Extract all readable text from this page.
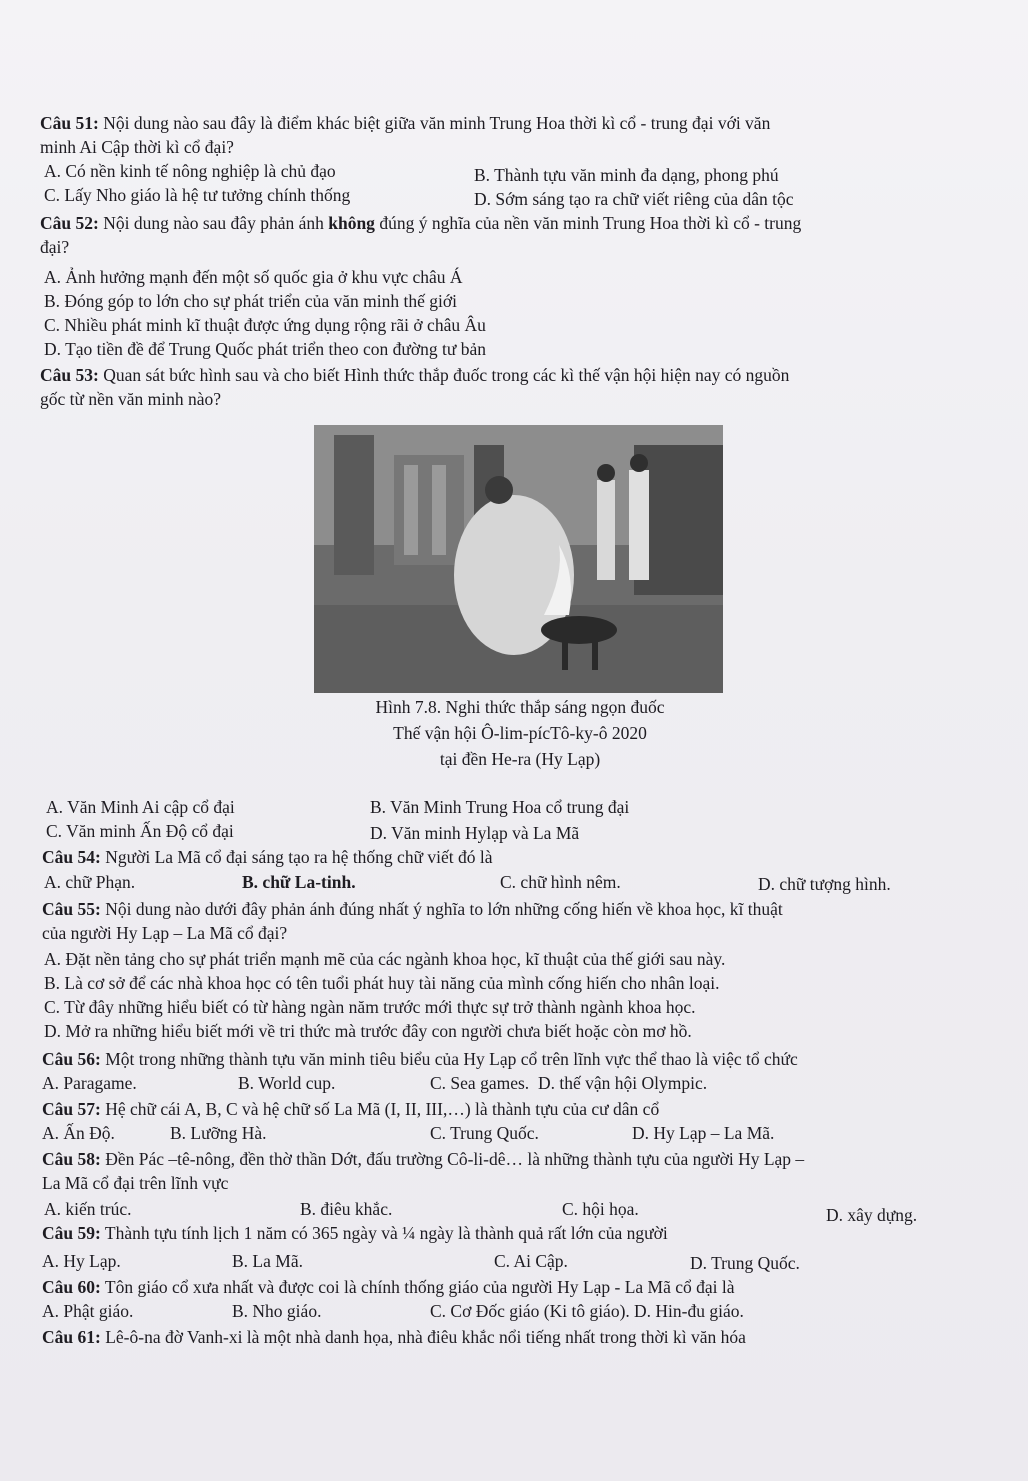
Câu 51: Nội dung nào sau đây là điểm khác biệt giữa văn minh Trung Hoa thời kì cổ - trung đại với văn
minh Ai Cập thời kì cổ đại?
A. Có nền kinh tế nông nghiệp là chủ đạo	B. Thành tựu văn minh đa dạng, phong phú
C. Lấy Nho giáo là hệ tư tưởng chính thống	D. Sớm sáng tạo ra chữ viết riêng của dân tộc
Câu 52: Nội dung nào sau đây phản ánh không đúng ý nghĩa của nền văn minh Trung Hoa thời kì cổ - trung
đại?
A. Ảnh hưởng mạnh đến một số quốc gia ở khu vực châu Á
B. Đóng góp to lớn cho sự phát triển của văn minh thế giới
C. Nhiều phát minh kĩ thuật được ứng dụng rộng rãi ở châu Âu
D. Tạo tiền đề để Trung Quốc phát triển theo con đường tư bản
Câu 53: Quan sát bức hình sau và cho biết Hình thức thắp đuốc trong các kì thế vận hội hiện nay có nguồn
gốc từ nền văn minh nào?
Hình 7.8. Nghi thức thắp sáng ngọn đuốc
Thế vận hội Ô-lim-pícTô-ky-ô 2020
tại đền He-ra (Hy Lạp)
A. Văn Minh Ai cập cổ đại	B. Văn Minh Trung Hoa cổ trung đại
C. Văn minh Ấn Độ cổ đại	D. Văn minh Hylạp và La Mã
Câu 54: Người La Mã cổ đại sáng tạo ra hệ thống chữ viết đó là
A. chữ Phạn.	B. chữ La-tinh.	C. chữ hình nêm.	D. chữ tượng hình.
Câu 55: Nội dung nào dưới đây phản ánh đúng nhất ý nghĩa to lớn những cống hiến về khoa học, kĩ thuật
của người Hy Lạp – La Mã cổ đại?
A. Đặt nền tảng cho sự phát triển mạnh mẽ của các ngành khoa học, kĩ thuật của thế giới sau này.
B. Là cơ sở để các nhà khoa học có tên tuổi phát huy tài năng của mình cống hiến cho nhân loại.
C. Từ đây những hiểu biết có từ hàng ngàn năm trước mới thực sự trở thành ngành khoa học.
D. Mở ra những hiểu biết mới về tri thức mà trước đây con người chưa biết hoặc còn mơ hồ.
Câu 56: Một trong những thành tựu văn minh tiêu biểu của Hy Lạp cổ trên lĩnh vực thể thao là việc tổ chức
A. Paragame.	B. World cup.	C. Sea games. D. thế vận hội Olympic.
Câu 57: Hệ chữ cái A, B, C và hệ chữ số La Mã (I, II, III,…) là thành tựu của cư dân cổ
A. Ấn Độ.	B. Lưỡng Hà.	C. Trung Quốc.	D. Hy Lạp – La Mã.
Câu 58: Đền Pác –tê-nông, đền thờ thần Dớt, đấu trường Cô-li-dê… là những thành tựu của người Hy Lạp –
La Mã cổ đại trên lĩnh vực
A. kiến trúc.	B. điêu khắc.	C. hội họa.	D. xây dựng.
Câu 59: Thành tựu tính lịch 1 năm có 365 ngày và ¼ ngày là thành quả rất lớn của người
A. Hy Lạp.	B. La Mã.	C. Ai Cập.	D. Trung Quốc.
Câu 60: Tôn giáo cổ xưa nhất và được coi là chính thống giáo của người Hy Lạp - La Mã cổ đại là
A. Phật giáo.	B. Nho giáo.	C. Cơ Đốc giáo (Ki tô giáo). D. Hin-đu giáo.
Câu 61: Lê-ô-na đờ Vanh-xi là một nhà danh họa, nhà điêu khắc nổi tiếng nhất trong thời kì văn hóa
